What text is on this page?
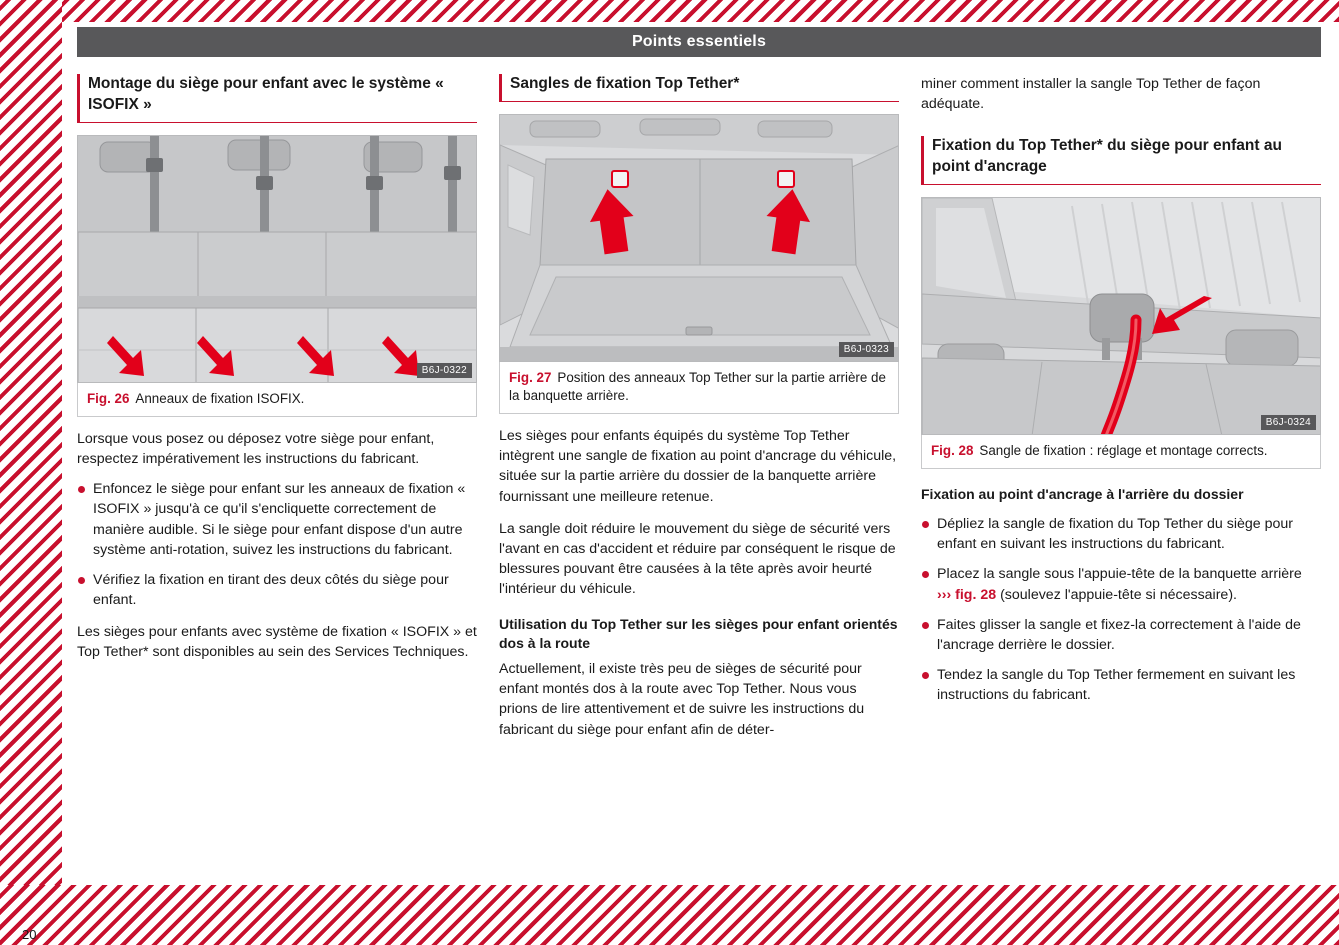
Points essentiels
Montage du siège pour enfant avec le système « ISOFIX »
B6J-0322
Fig. 26 Anneaux de fixation ISOFIX.

Lorsque vous posez ou déposez votre siège pour enfant, respectez impérativement les instructions du fabricant.

Enfoncez le siège pour enfant sur les anneaux de fixation « ISOFIX » jusqu'à ce qu'il s'encliquette correctement de manière audible. Si le siège pour enfant dispose d'un autre système anti-rotation, suivez les instructions du fabricant.
Vérifiez la fixation en tirant des deux côtés du siège pour enfant.

Les sièges pour enfants avec système de fixation « ISOFIX » et Top Tether* sont disponibles au sein des Services Techniques.

Sangles de fixation Top Tether*
B6J-0323
Fig. 27 Position des anneaux Top Tether sur la partie arrière de la banquette arrière.

Les sièges pour enfants équipés du système Top Tether intègrent une sangle de fixation au point d'ancrage du véhicule, située sur la partie arrière du dossier de la banquette arrière fournissant une meilleure retenue.

La sangle doit réduire le mouvement du siège de sécurité vers l'avant en cas d'accident et réduire par conséquent le risque de blessures pouvant être causées à la tête après avoir heurté l'intérieur du véhicule.

Utilisation du Top Tether sur les sièges pour enfant orientés dos à la route

Actuellement, il existe très peu de sièges de sécurité pour enfant montés dos à la route avec Top Tether. Nous vous prions de lire attentivement et de suivre les instructions du fabricant du siège pour enfant afin de déter-

miner comment installer la sangle Top Tether de façon adéquate.

Fixation du Top Tether* du siège pour enfant au point d'ancrage
B6J-0324
Fig. 28 Sangle de fixation : réglage et montage corrects.
Fixation au point d'ancrage à l'arrière du dossier
Dépliez la sangle de fixation du Top Tether du siège pour enfant en suivant les instructions du fabricant.
Placez la sangle sous l'appuie-tête de la banquette arrière ››› fig. 28 (soulevez l'appuie-tête si nécessaire).
Faites glisser la sangle et fixez-la correctement à l'aide de l'ancrage derrière le dossier.
Tendez la sangle du Top Tether fermement en suivant les instructions du fabricant.
20
